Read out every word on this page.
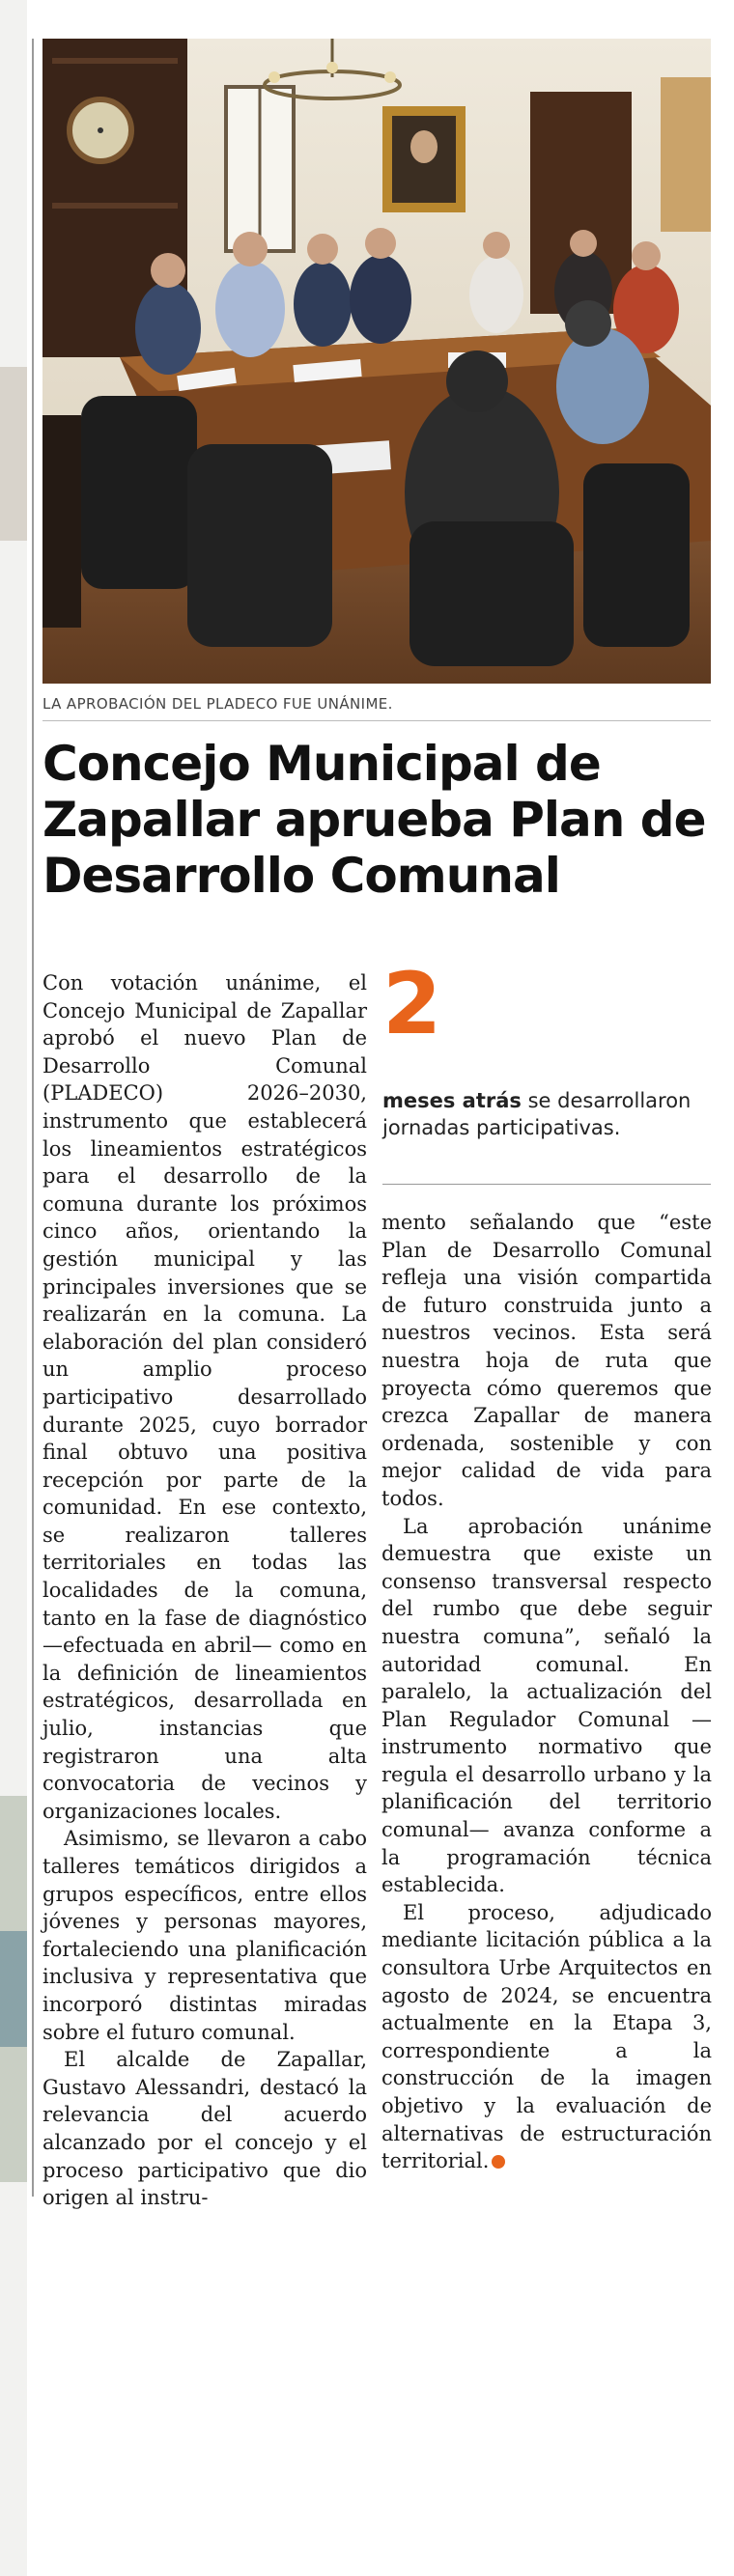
LA APROBACIÓN DEL PLADECO FUE UNÁNIME.
Concejo Municipal de Zapallar aprueba Plan de Desarrollo Comunal

Con votación unánime, el Concejo Municipal de Zapallar aprobó el nuevo Plan de Desarrollo Comunal (PLADECO) 2026–2030, instrumento que establecerá los lineamientos estratégicos para el desarrollo de la comuna durante los próximos cinco años, orientando la gestión municipal y las principales inversiones que se realizarán en la comuna. La elaboración del plan consideró un amplio proceso participativo desarrollado durante 2025, cuyo borrador final obtuvo una positiva recepción por parte de la comunidad. En ese contexto, se realizaron talleres territoriales en todas las localidades de la comuna, tanto en la fase de diagnóstico —efectuada en abril— como en la definición de lineamientos estratégicos, desarrollada en julio, instancias que registraron una alta convocatoria de vecinos y organizaciones locales.

Asimismo, se llevaron a cabo talleres temáticos dirigidos a grupos específicos, entre ellos jóvenes y personas mayores, fortaleciendo una planificación inclusiva y representativa que incorporó distintas miradas sobre el futuro comunal.

El alcalde de Zapallar, Gustavo Alessandri, destacó la relevancia del acuerdo alcanzado por el concejo y el proceso participativo que dio origen al instru-

2
meses atrás se desarrollaron jornadas participativas.

mento señalando que “este Plan de Desarrollo Comunal refleja una visión compartida de futuro construida junto a nuestros vecinos. Esta será nuestra hoja de ruta que proyecta cómo queremos que crezca Zapallar de manera ordenada, sostenible y con mejor calidad de vida para todos.

La aprobación unánime demuestra que existe un consenso transversal respecto del rumbo que debe seguir nuestra comuna”, señaló la autoridad comunal. En paralelo, la actualización del Plan Regulador Comunal —instrumento normativo que regula el desarrollo urbano y la planificación del territorio comunal— avanza conforme a la programación técnica establecida.

El proceso, adjudicado mediante licitación pública a la consultora Urbe Arquitectos en agosto de 2024, se encuentra actualmente en la Etapa 3, correspondiente a la construcción de la imagen objetivo y la evaluación de alternativas de estructuración territorial.
